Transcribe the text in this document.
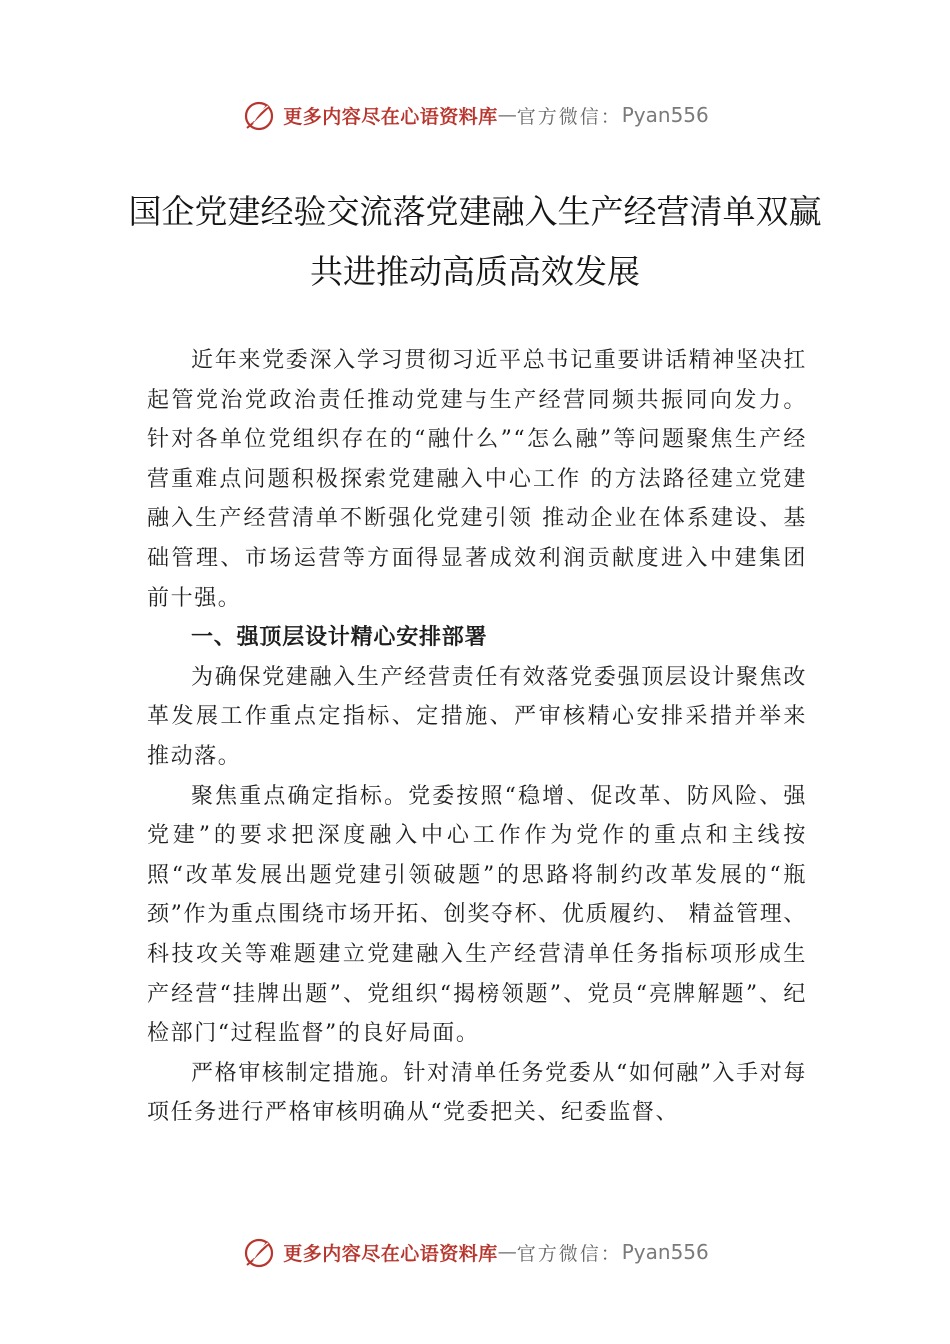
更多内容尽在心语资料库 — 官方微信： Pyan556
国企党建经验交流落党建融入生产经营清单双赢共进推动高质高效发展

近年来党委深入学习贯彻习近平总书记重要讲话精神坚决扛起管党治党政治责任推动党建与生产经营同频共振同向发力。针对各单位党组织存在的“融什么”“怎么融”等问题聚焦生产经营重难点问题积极探索党建融入中心工作 的方法路径建立党建融入生产经营清单不断强化党建引领 推动企业在体系建设、基础管理、市场运营等方面得显著成效利润贡献度进入中建集团前十强。

一、强顶层设计精心安排部署

为确保党建融入生产经营责任有效落党委强顶层设计聚焦改革发展工作重点定指标、定措施、严审核精心安排采措并举来推动落。

聚焦重点确定指标。党委按照“稳增、促改革、防风险、强党建”的要求把深度融入中心工作作为党作的重点和主线按照“改革发展出题党建引领破题”的思路将制约改革发展的“瓶颈”作为重点围绕市场开拓、创奖夺杯、优质履约、 精益管理、科技攻关等难题建立党建融入生产经营清单任务指标项形成生产经营“挂牌出题”、党组织“揭榜领题”、党员“亮牌解题”、纪检部门“过程监督”的良好局面。

严格审核制定措施。针对清单任务党委从“如何融”入手对每项任务进行严格审核明确从“党委把关、纪委监督、

更多内容尽在心语资料库 — 官方微信： Pyan556
